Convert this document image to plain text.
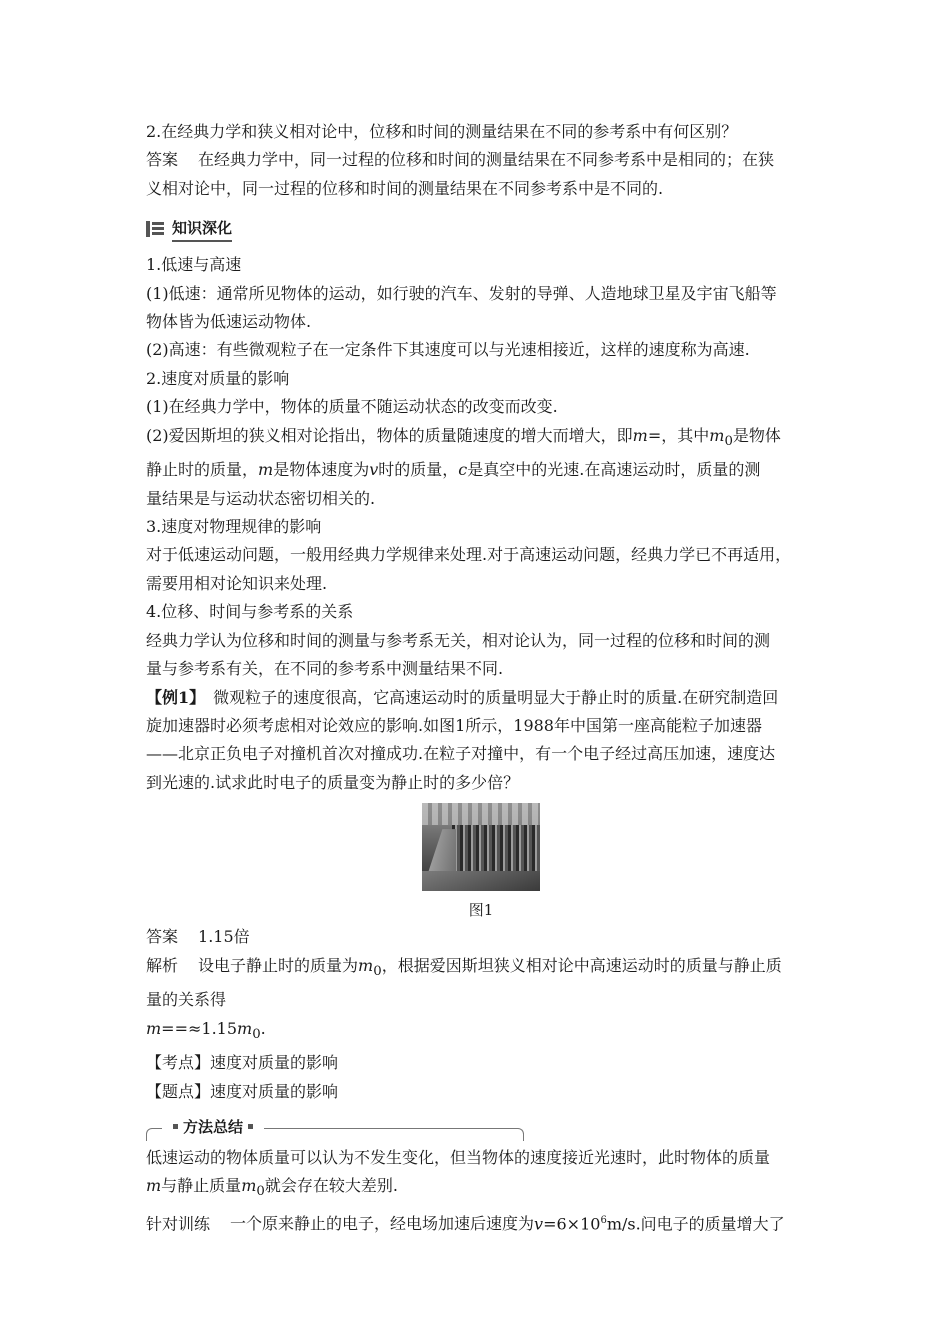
2.在经典力学和狭义相对论中，位移和时间的测量结果在不同的参考系中有何区别？

答案 在经典力学中，同一过程的位移和时间的测量结果在不同参考系中是相同的；在狭

义相对论中，同一过程的位移和时间的测量结果在不同参考系中是不同的.

知识深化

1.低速与高速

(1)低速：通常所见物体的运动，如行驶的汽车、发射的导弹、人造地球卫星及宇宙飞船等

物体皆为低速运动物体.

(2)高速：有些微观粒子在一定条件下其速度可以与光速相接近，这样的速度称为高速.

2.速度对质量的影响

(1)在经典力学中，物体的质量不随运动状态的改变而改变.

(2)爱因斯坦的狭义相对论指出，物体的质量随速度的增大而增大，即m=，其中$m_0$是物体

静止时的质量，m是物体速度为v时的质量，c是真空中的光速.在高速运动时，质量的测

量结果是与运动状态密切相关的.

3.速度对物理规律的影响

对于低速运动问题，一般用经典力学规律来处理.对于高速运动问题，经典力学已不再适用，

需要用相对论知识来处理.

4.位移、时间与参考系的关系

经典力学认为位移和时间的测量与参考系无关，相对论认为，同一过程的位移和时间的测

量与参考系有关，在不同的参考系中测量结果不同.

【例1】 微观粒子的速度很高，它高速运动时的质量明显大于静止时的质量.在研究制造回

旋加速器时必须考虑相对论效应的影响.如图1所示，1988年中国第一座高能粒子加速器

——北京正负电子对撞机首次对撞成功.在粒子对撞中，有一个电子经过高压加速，速度达

到光速的.试求此时电子的质量变为静止时的多少倍？

图1

答案 1.15倍

解析 设电子静止时的质量为$m_0$，根据爱因斯坦狭义相对论中高速运动时的质量与静止质

量的关系得

$m==\approx 1.15m_0$.

【考点】速度对质量的影响

【题点】速度对质量的影响

方法总结

低速运动的物体质量可以认为不发生变化，但当物体的速度接近光速时，此时物体的质量

m与静止质量$m_0$就会存在较大差别.

针对训练 一个原来静止的电子，经电场加速后速度为$v=6\times 10^6m/s$.问电子的质量增大了
